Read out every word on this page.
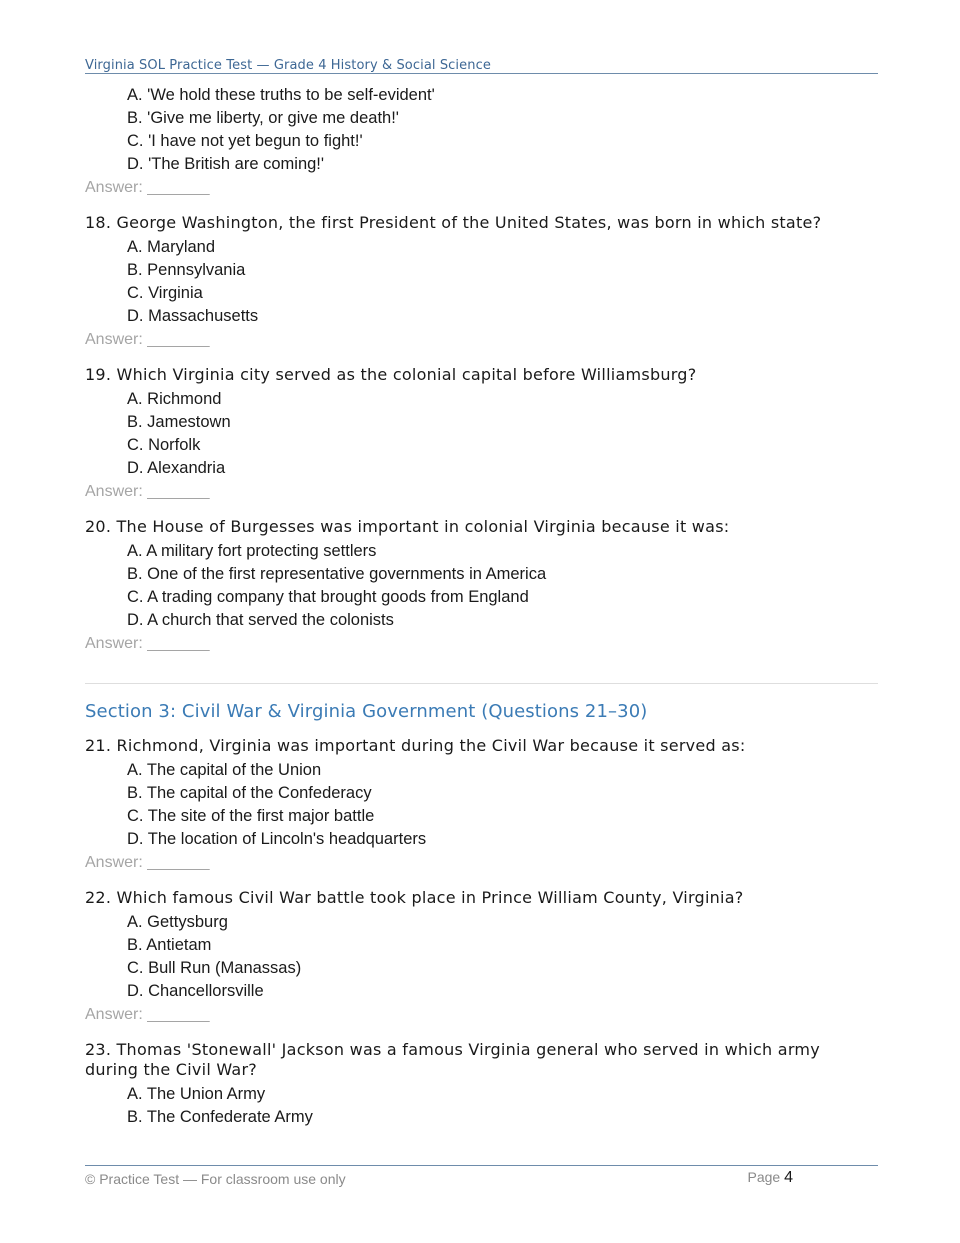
Virginia SOL Practice Test — Grade 4 History & Social Science
A. 'We hold these truths to be self-evident'
B. 'Give me liberty, or give me death!'
C. 'I have not yet begun to fight!'
D. 'The British are coming!'
Answer: _______
18. George Washington, the first President of the United States, was born in which state?
A. Maryland
B. Pennsylvania
C. Virginia
D. Massachusetts
Answer: _______
19. Which Virginia city served as the colonial capital before Williamsburg?
A. Richmond
B. Jamestown
C. Norfolk
D. Alexandria
Answer: _______
20. The House of Burgesses was important in colonial Virginia because it was:
A. A military fort protecting settlers
B. One of the first representative governments in America
C. A trading company that brought goods from England
D. A church that served the colonists
Answer: _______
Section 3: Civil War & Virginia Government (Questions 21–30)
21. Richmond, Virginia was important during the Civil War because it served as:
A. The capital of the Union
B. The capital of the Confederacy
C. The site of the first major battle
D. The location of Lincoln's headquarters
Answer: _______
22. Which famous Civil War battle took place in Prince William County, Virginia?
A. Gettysburg
B. Antietam
C. Bull Run (Manassas)
D. Chancellorsville
Answer: _______
23. Thomas 'Stonewall' Jackson was a famous Virginia general who served in which army during the Civil War?
A. The Union Army
B. The Confederate Army
© Practice Test — For classroom use only	Page 4
